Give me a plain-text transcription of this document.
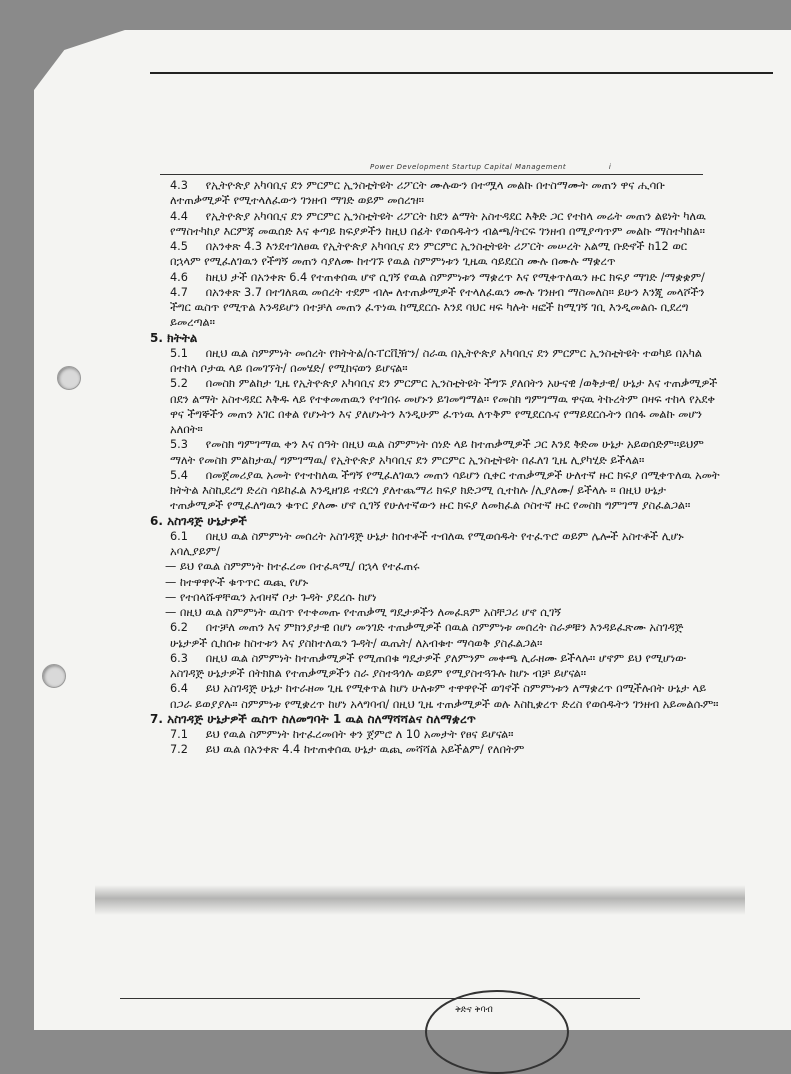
Power Development Startup Capital Management	i

4.3 የኢትዮጵያ አካባቢና ደን ምርምር ኢንስቲትዩት ሪፖርት ሙሉውን በተሟላ መልኩ በተስማሙት መጠን ዋና ሒሳቡ ለተጠቃሚዎች የሚተላለፈውን ገንዘብ ማገድ ወይም መሰረዝ።

4.4 የኢትዮጵያ አካባቢና ደን ምርምር ኢንስቲትዩት ሪፖርት ከደን ልማት አስተዳደር እቅድ ጋር የተከላ መሬት መጠን ልዩነት ካለዉ የማስተካከያ እርምጃ መዉሰድ እና ቀጣይ ክፍያዎችን ከዚህ በፊት የወሰዱትን ብልጫ/ትርፍ ገንዘብ በሚያጣጥም መልኩ ማስተካከል።

4.5 በአንቀጽ 4.3 እንደተገለፀዉ የኢትዮጵያ አካባቢና ደን ምርምር ኢንስቲትዩት ሪፖርት መሠረት አልሚ ቡድኖች ከ12 ወር በኋላም የሚፈለገዉን የችግኝ መጠን ሳያለሙ ከተገኙ የዉል ስምምነቱን ጊዜዉ ሳይደርስ ሙሉ በሙሉ ማቋረጥ

4.6 ከዚህ ታች በአንቀጽ 6.4 የተጠቀሰዉ ሆኖ ሲገኝ የዉል ስምምነቱን ማቋረጥ እና የሚቀጥለዉን ዙር ክፍያ ማገድ /ማቋቋም/

4.7 በአንቀጽ 3.7 በተገለጸዉ መሰረት ተደም ብሎ ለተጠቃሚዎች የተላለፈዉን ሙሉ ገንዘብ ማስመለስ። ይሁን እንጂ መላሾችን ችግር ዉስጥ የሚጥል እንዳይሆን በተቻለ መጠን ፈጥነዉ ከሚደርሱ እንደ ባህር ዛፍ ካሉት ዛፎች ከሚገኝ ገቢ እንዲመልሱ ቢደረግ ይመረጣል።

5. ክትትል

5.1 በዚህ ዉል ስምምነት መሰረት የክትትል/ሱፐርቪዥን/ ስራዉ በኢትዮጵያ አካባቢና ደን ምርምር ኢንስቲትዩት ተወካይ በአካል በተከላ ቦታዉ ላይ በመገኘት/ በመሄድ/ የሚከናወን ይሆናል።

5.2 በመስክ ምልከታ ጊዜ የኢትዮጵያ አካባቢና ደን ምርምር ኢንስቲትዩት ችግኙ ያለበትን አሁናዊ /ወቅታዊ/ ሁኔታ እና ተጠቃሚዎች በደን ልማት አስተዳደር እቅዱ ላይ የተቀመጠዉን የተገበሩ መሆኑን ይገመግማል። የመስክ ግምገማዉ ዋናዉ ትኩረትም በዛፍ ተከላ የአደቀ ዋና ችግኞችን መጠን አገር በቀል የሆኑትን እና ያለሆኑትን እንዲሁም ፈጥነዉ ለጥቅም የሚደርሱና የማይደርሱትን በሰፋ መልኩ መሆን አለበት።

5.3 የመስክ ግምገማዉ ቀን እና ሰዓት በዚህ ዉል ስምምነት ሰነድ ላይ ከተጠቃሚዎች ጋር እንደ ቅድመ ሁኔታ አይወሰድም።ይህም ማለት የመስክ ምልከታዉ/ ግምገማዉ/ የኢትዮጵያ አካባቢና ደን ምርምር ኢንስቲትዩት በፈለገ ጊዜ ሊያካሂድ ይችላል።

5.4 በመጀመሪያዉ አመት የተተከለዉ ችግኝ የሚፈለገዉን መጠን ሳይሆን ሲቀር ተጠቃሚዎች ሁለተኛ ዙር ክፍያ በሚቀጥለዉ አመት ክትትል እስኪደረግ ድረስ ሳይከፈል እንዲዘገይ ተደርጎ ያለተጨማሪ ክፍያ ክድጋሚ ሲተከሉ /ሊያለሙ/ ይችላሉ ። በዚህ ሁኔታ ተጠቃሚዎች የሚፈለግዉን ቁጥር ያለሙ ሆኖ ሲገኝ የሁለተኛውን ዙር ክፍያ ለመክፈል ሶስተኛ ዙር የመስክ ግምገማ ያስፈልጋል።

6. አስገዳጅ ሁኔታዎች

6.1 በዚህ ዉል ስምምነት መሰረት አስገዳጅ ሁኔታ ከሰተቶች ተብለዉ የሚወሰዱት የተፈጥሮ ወይም ሌሎች አስተቶች ሊሆኑ አባሊያይም/

— ይህ የዉል ስምምነት ከተፈረመ በተፈጻሚ/ በኋላ የተፈጠሩ

— ከተዋዋዮች ቁጥጥር ዉጪ የሆኑ

— የተበላሹዋቸዉን አብዛኛ ቦታ ጉዳት ያደረሱ ከሆነ

— በዚህ ዉል ስምምነት ዉስጥ የተቀመጡ የተጠቃሚ ግዴታዎችን ለመፈጸም አስቸጋሪ ሆኖ ሲገኝ

6.2 በተቻለ መጠን እና ምክንያታዊ በሆነ መንገድ ተጠቃሚዎች በዉል ስምምነቱ መሰረት ስራዎቹን እንዳይፈጽሙ አስገዳጅ ሁኔታዎች ሲከሰቱ ከስተቱን እና ያስከተለዉን ጉዳት/ ዉጤት/ ለአብቁተ ማሳወቅ ያስፈልጋል።

6.3 በዚህ ዉል ስምምነት ከተጠቃሚዎች የሚጠበቁ ግዴታዎች ያለምንም መቀጫ ሊራዘሙ ይችላሉ። ሆኖም ይህ የሚሆነው አስገዳጅ ሁኔታዎች በትክክል የተጠቃሚዎችን ስራ ያስተጓጎሉ ወይም የሚያስተጓጉሉ ከሆኑ ብቻ ይሆናል።

6.4 ይህ አስገዳጅ ሁኔታ ከተራዘመ ጊዜ የሚቀጥል ከሆነ ሁለቱም ተዋዋዮች ወገኖች ስምምነቱን ለማቋረጥ በሚችሉበት ሁኔታ ላይ በጋራ ይወያያሉ። ስምምነቱ የሚቋረጥ ከሆነ አላግባብ/ በዚህ ጊዜ ተጠቃሚዎች ወሉ እስኪቋረጥ ድረስ የወሰዱትን ገንዘብ አይመልሱም።

7. አስገዳጅ ሁኔታዎች ዉስጥ ስለመግባት 1 ዉል ስለማሻሻልና ስለማቋረጥ

7.1 ይህ የዉል ስምምነት ከተፈረመበት ቀን ጀምሮ ለ 10 አመታት የፀና ይሆናል።

7.2 ይህ ዉል በአንቀጽ 4.4 ከተጠቀሰዉ ሁኔታ ዉጪ መሻሻል አይችልም/ የለበትም

ቅድና ቅባብ
